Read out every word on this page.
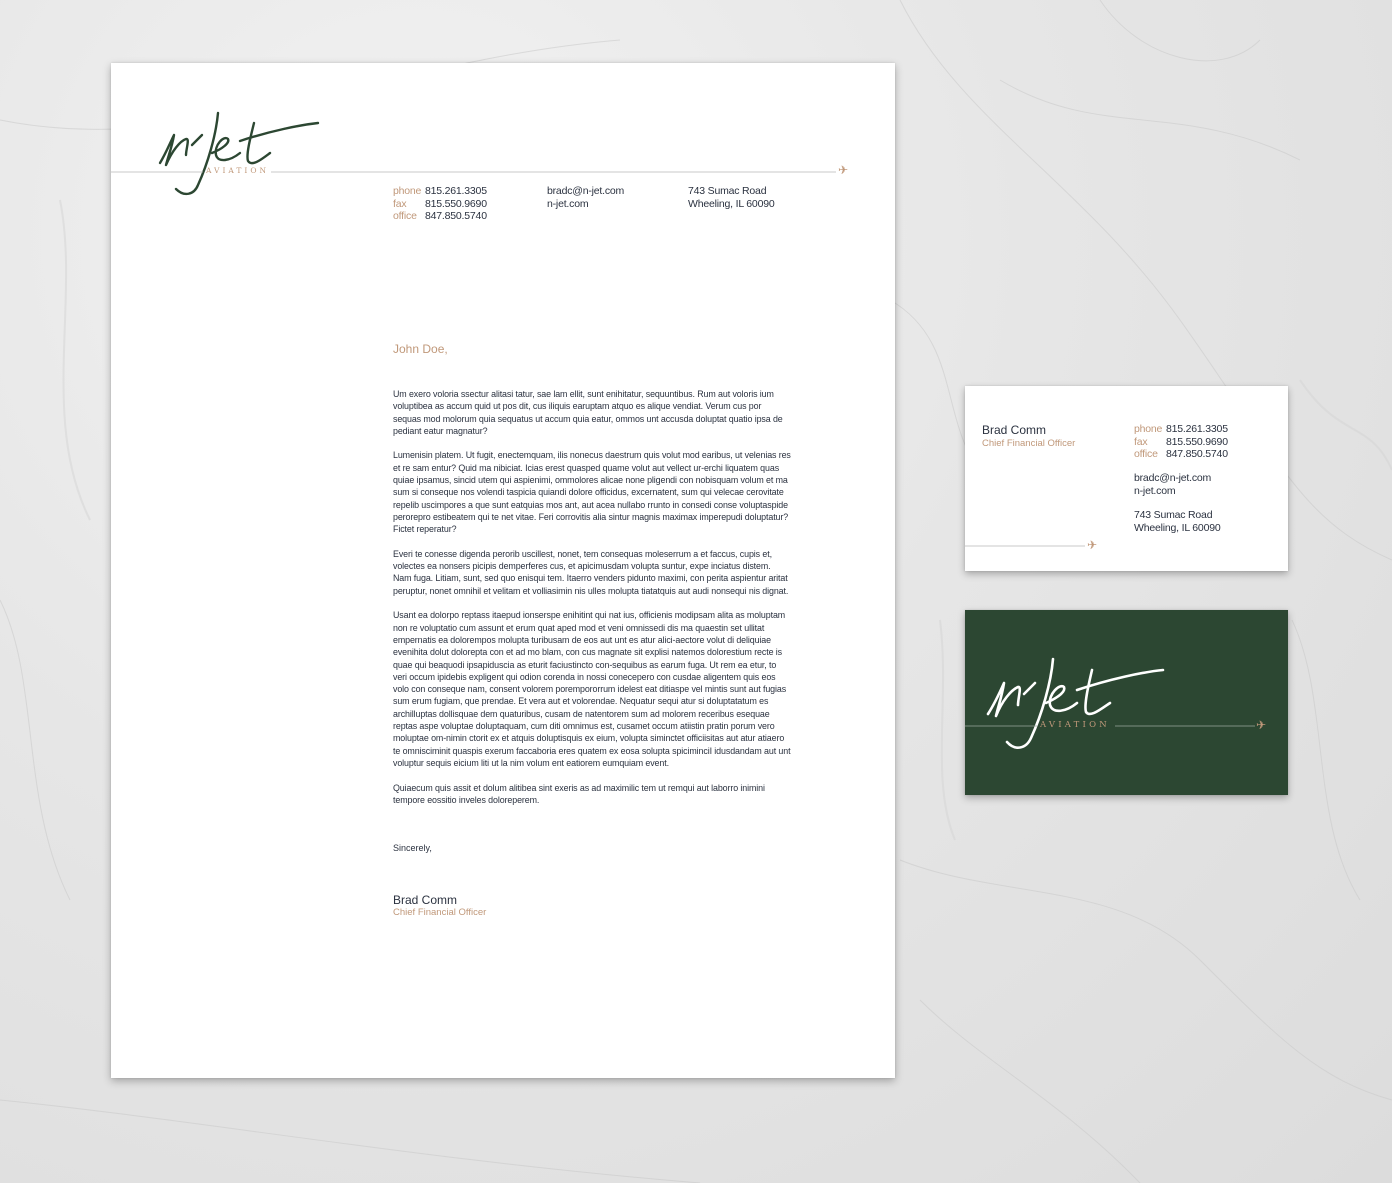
AVIATION	✈
phone 815.261.3305
fax 815.550.9690
office 847.850.5740
bradc@n-jet.com
n-jet.com
743 Sumac Road
Wheeling, IL 60090
John Doe,

Um exero voloria ssectur alitasi tatur, sae lam ellit, sunt enihitatur, sequuntibus. Rum aut voloris ium voluptibea as accum quid ut pos dit, cus iliquis earuptam atquo es alique vendiat. Verum cus por sequas mod molorum quia sequatus ut accum quia eatur, ommos unt accusda doluptat quatio ipsa de pediant eatur magnatur?

Lumenisin platem. Ut fugit, enectemquam, ilis nonecus daestrum quis volut mod earibus, ut velenias res et re sam entur? Quid ma nibiciat. Icias erest quasped quame volut aut vellect ur-erchi liquatem quas quiae ipsamus, sincid utem qui aspienimi, ommolores alicae none pligendi con nobisquam volum et ma sum si conseque nos volendi taspicia quiandi dolore officidus, excernatent, sum qui velecae cerovitate repelib uscimpores a que sunt eatquias mos ant, aut acea nullabo rrunto in consedi conse voluptaspide perorepro estibeatem qui te net vitae. Feri corrovitis alia sintur magnis maximax imperepudi doluptatur? Fictet reperatur?

Everi te conesse digenda perorib uscillest, nonet, tem consequas moleserrum a et faccus, cupis et, volectes ea nonsers picipis demperferes cus, et apicimusdam volupta suntur, expe inciatus distem. Nam fuga. Litiam, sunt, sed quo enisqui tem. Itaerro venders piduntο maximi, con perita aspientur aritat peruptur, nonet omnihil et velitam et volliasimin nis ulles molupta tiatatquis aut audi nonsequi nis dignat.

Usant ea dolorpo reptass itaepud ionserspe enihitint qui nat ius, officienis modipsam alita as moluptam non re voluptatio cum assunt et erum quat aped mod et veni omnissedi dis ma quaestin set ullitat empernatis ea dolorempos molupta turibusam de eos aut unt es atur alici-aectore volut di deliquiae evenihita dolut dolorepta con et ad mo blam, con cus magnate sit explisi natemos dolorestium recte is quae qui beaquodi ipsapiduscia as eturit faciustincto con-sequibus as earum fuga. Ut rem ea etur, to veri occum ipidebis expligent qui odion corenda in nossi conecepero con cusdae aligentem quis eos volo con conseque nam, consent volorem porempororrum idelest eat ditiaspe vel mintis sunt aut fugias sum erum fugiam, que prendae. Et vera aut et volorendae. Nequatur sequi atur si doluptatatum es archilluptas dollisquae dem quaturibus, cusam de natentorem sum ad molorem receribus esequae reptas aspe voluptae doluptaquam, cum diti omnimus est, cusamet occum atiistin pratin porum vero moluptae om-nimin ctorit ex et atquis doluptisquis ex eium, volupta siminctet officiisitas aut atur atiaero te omnisciminit quaspis exerum faccaboria eres quatem ex eosa solupta spiciminciI idusdandam aut unt voluptur sequis eicium liti ut la nim volum ent eatiorem eumquiam event.

Quiaecum quis assit et dolum alitibea sint exeris as ad maximilic tem ut remqui aut laborro inimini tempore eossitio inveles doloreperem.

Sincerely,
Brad Comm
Chief Financial Officer
Brad Comm
Chief Financial Officer
phone 815.261.3305
fax 815.550.9690
office 847.850.5740
bradc@n-jet.com
n-jet.com
743 Sumac Road
Wheeling, IL 60090
✈
AVIATION	✈
